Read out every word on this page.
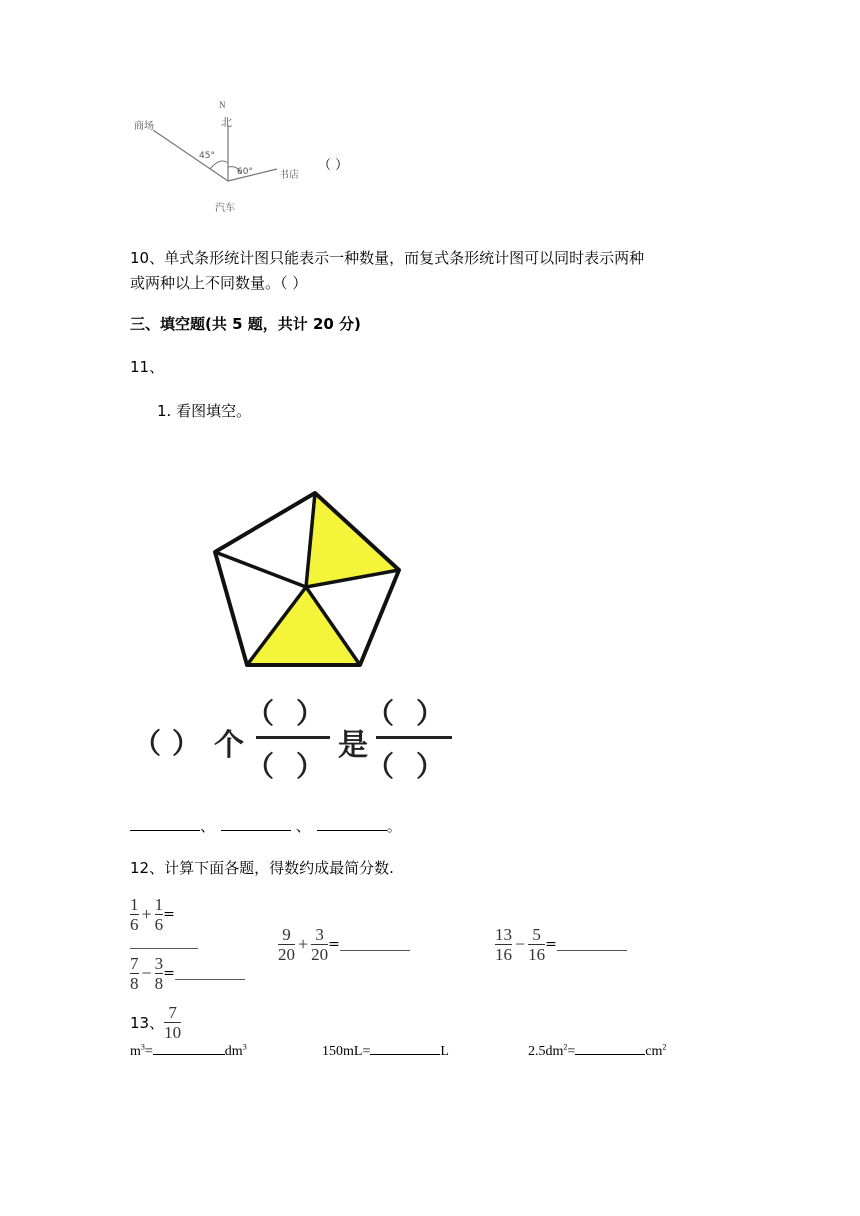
N
北
商场
45°
60°	书店
汽车
（ ）
10、单式条形统计图只能表示一种数量，而复式条形统计图可以同时表示两种
或两种以上不同数量。（ ）
三、填空题(共 5 题，共计 20 分)
11、
1. 看图填空。
（ ） 个
（ ）
（ ）
是
（ ）
（ ）
、	、	。
12、计算下面各题，得数约成最简分数.
$\frac{1}{6} + \frac{1}{6}$ =
$\frac{9}{20} + \frac{3}{20}$ =	$\frac{13}{16} - \frac{5}{16}$ =
$\frac{7}{8} - \frac{3}{8}$ =
13、 $\frac{7}{10}$
$m^3=$	$dm^3$	150mL=	L	$2.5dm^2=$	$cm^2$
